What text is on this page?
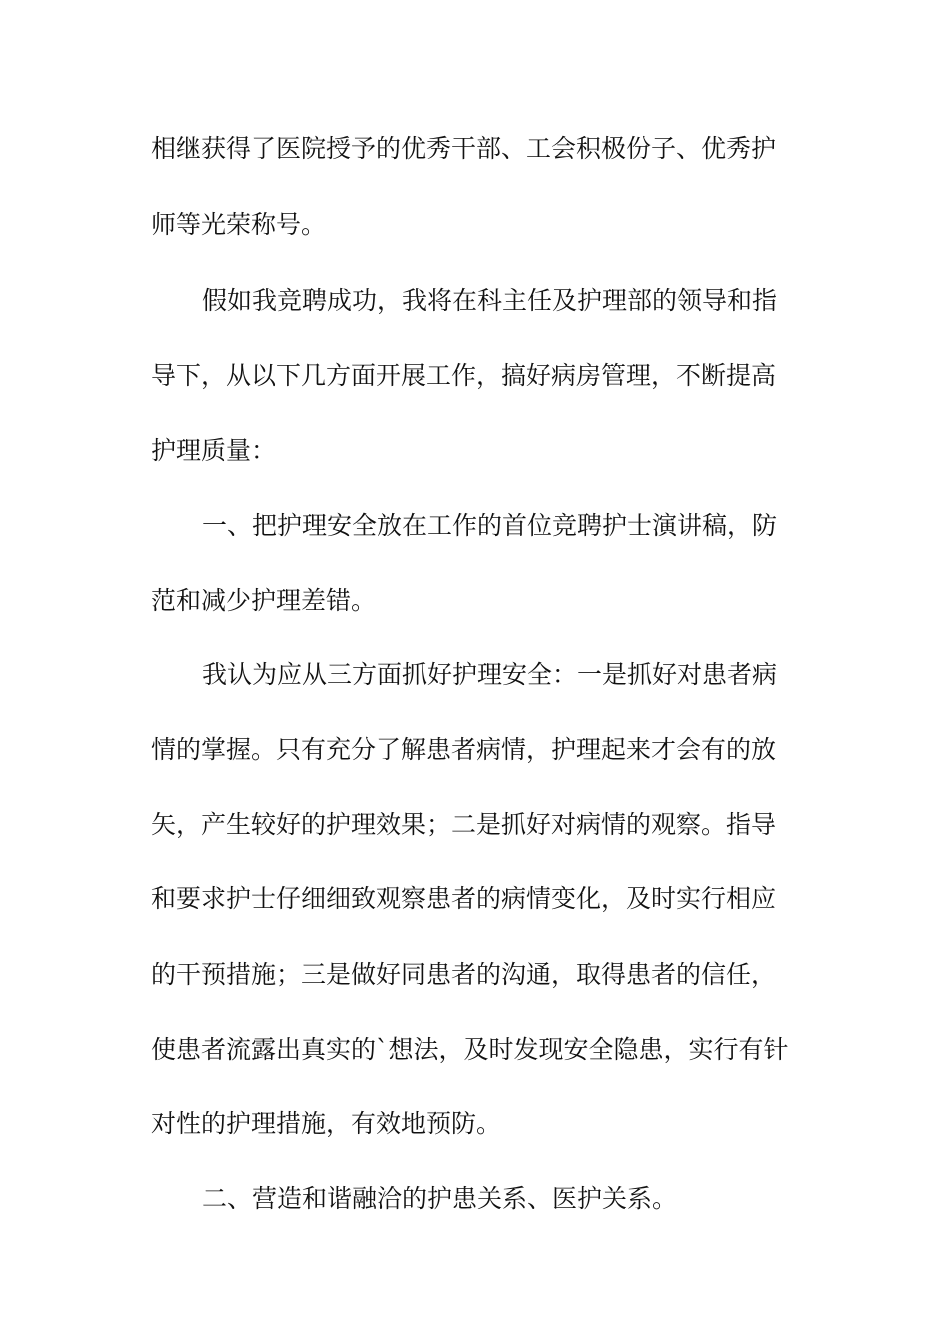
相继获得了医院授予的优秀干部、工会积极份子、优秀护
师等光荣称号。
假如我竞聘成功，我将在科主任及护理部的领导和指
导下，从以下几方面开展工作，搞好病房管理，不断提高
护理质量：
一、把护理安全放在工作的首位竞聘护士演讲稿，防
范和减少护理差错。
我认为应从三方面抓好护理安全：一是抓好对患者病
情的掌握。只有充分了解患者病情，护理起来才会有的放
矢，产生较好的护理效果；二是抓好对病情的观察。指导
和要求护士仔细细致观察患者的病情变化，及时实行相应
的干预措施；三是做好同患者的沟通，取得患者的信任，
使患者流露出真实的`想法，及时发现安全隐患，实行有针
对性的护理措施，有效地预防。
二、营造和谐融洽的护患关系、医护关系。
